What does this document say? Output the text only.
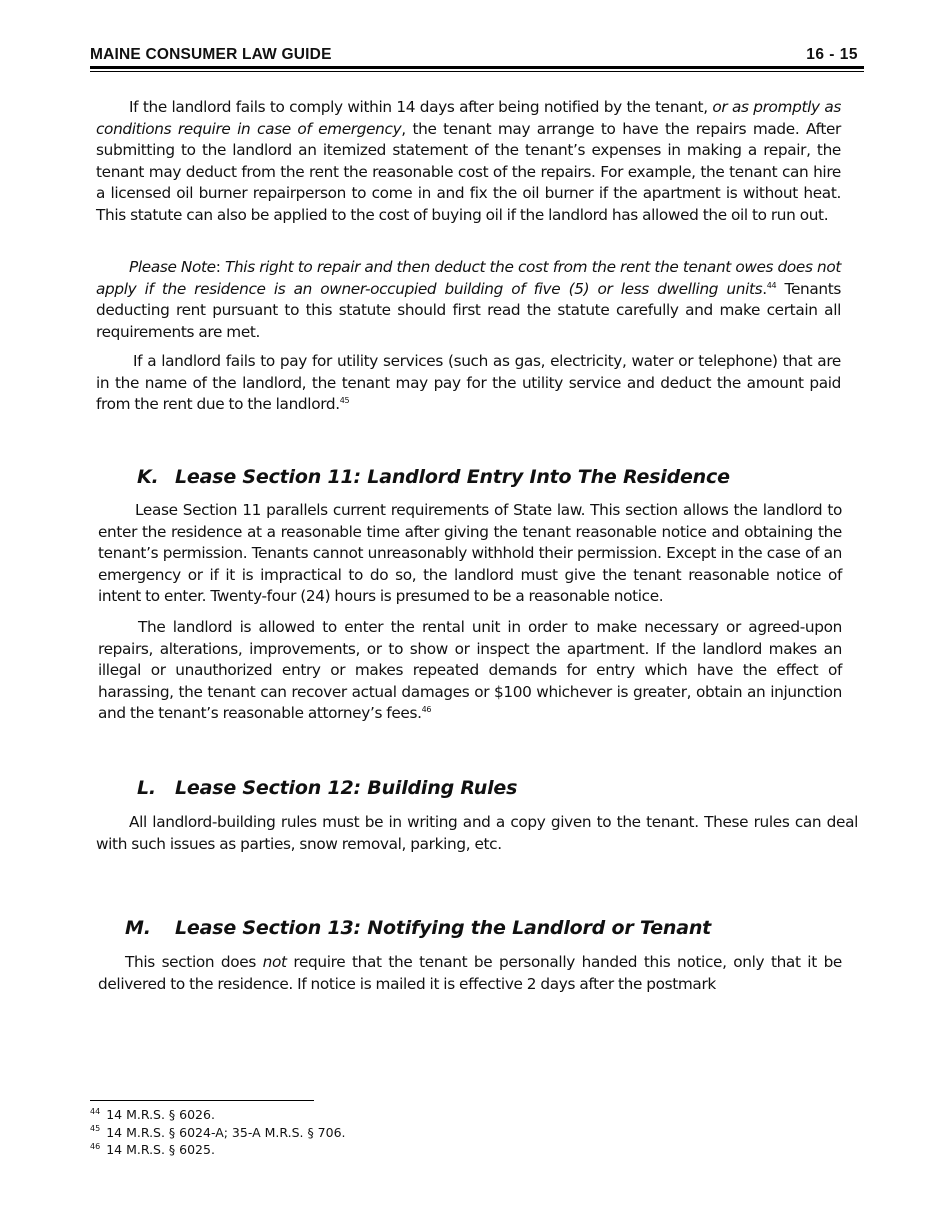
MAINE CONSUMER LAW GUIDE	16 - 15

If the landlord fails to comply within 14 days after being notified by the tenant, or as promptly as conditions require in case of emergency, the tenant may arrange to have the repairs made. After submitting to the landlord an itemized statement of the tenant’s expenses in making a repair, the tenant may deduct from the rent the reasonable cost of the repairs. For example, the tenant can hire a licensed oil burner repairperson to come in and fix the oil burner if the apartment is without heat. This statute can also be applied to the cost of buying oil if the landlord has allowed the oil to run out.

Please Note: This right to repair and then deduct the cost from the rent the tenant owes does not apply if the residence is an owner-occupied building of five (5) or less dwelling units.$^{44}$ Tenants deducting rent pursuant to this statute should first read the statute carefully and make certain all requirements are met.

If a landlord fails to pay for utility services (such as gas, electricity, water or telephone) that are in the name of the landlord, the tenant may pay for the utility service and deduct the amount paid from the rent due to the landlord.$^{45}$

K. Lease Section 11: Landlord Entry Into The Residence

Lease Section 11 parallels current requirements of State law. This section allows the landlord to enter the residence at a reasonable time after giving the tenant reasonable notice and obtaining the tenant’s permission. Tenants cannot unreasonably withhold their permission. Except in the case of an emergency or if it is impractical to do so, the landlord must give the tenant reasonable notice of intent to enter. Twenty-four (24) hours is presumed to be a reasonable notice.

The landlord is allowed to enter the rental unit in order to make necessary or agreed-upon repairs, alterations, improvements, or to show or inspect the apartment. If the landlord makes an illegal or unauthorized entry or makes repeated demands for entry which have the effect of harassing, the tenant can recover actual damages or $100 whichever is greater, obtain an injunction and the tenant’s reasonable attorney’s fees.$^{46}$

L. Lease Section 12: Building Rules

All landlord-building rules must be in writing and a copy given to the tenant. These rules can deal with such issues as parties, snow removal, parking, etc.

M. Lease Section 13: Notifying the Landlord or Tenant

This section does not require that the tenant be personally handed this notice, only that it be delivered to the residence. If notice is mailed it is effective 2 days after the postmark

$^{44}$ 14 M.R.S. § 6026.
$^{45}$ 14 M.R.S. § 6024-A; 35-A M.R.S. § 706.
$^{46}$ 14 M.R.S. § 6025.
